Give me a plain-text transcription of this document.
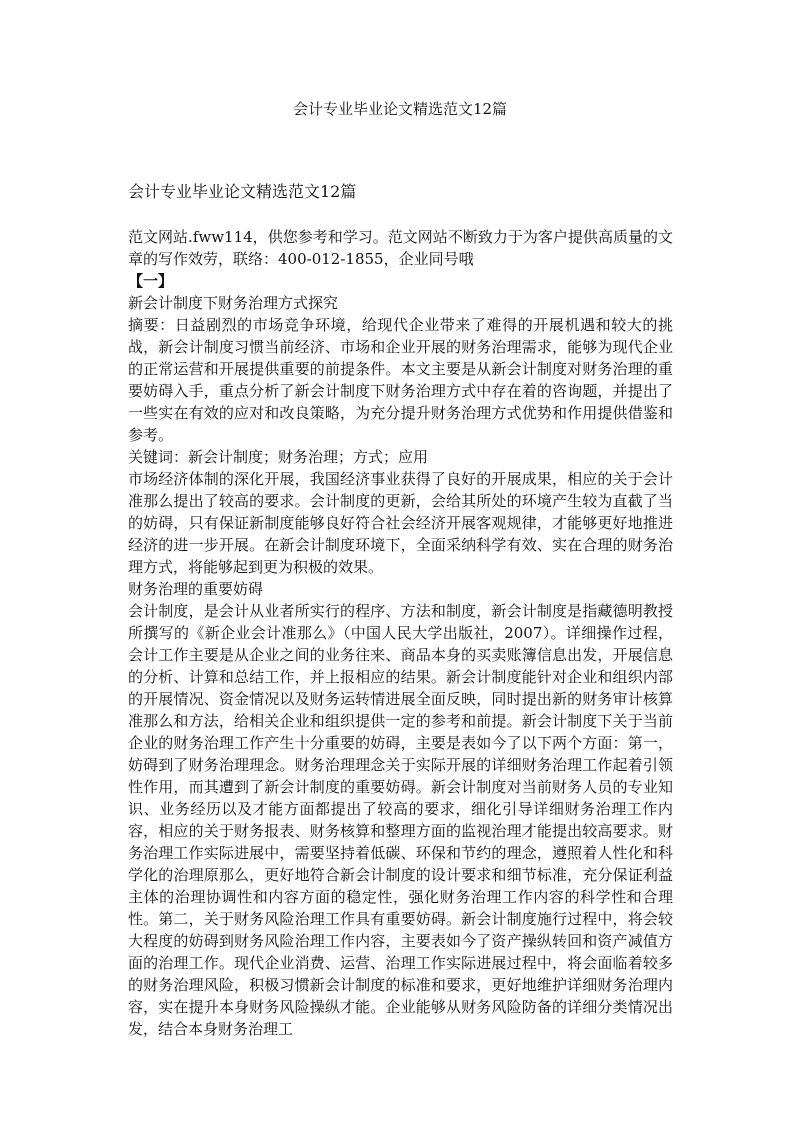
会计专业毕业论文精选范文12篇
会计专业毕业论文精选范文12篇

范文网站.fww114，供您参考和学习。范文网站不断致力于为客户提供高质量的文章的写作效劳，联络：400-012-1855，企业同号哦

【一】

新会计制度下财务治理方式探究

摘要：日益剧烈的市场竞争环境，给现代企业带来了难得的开展机遇和较大的挑战，新会计制度习惯当前经济、市场和企业开展的财务治理需求，能够为现代企业的正常运营和开展提供重要的前提条件。本文主要是从新会计制度对财务治理的重要妨碍入手，重点分析了新会计制度下财务治理方式中存在着的咨询题，并提出了一些实在有效的应对和改良策略，为充分提升财务治理方式优势和作用提供借鉴和参考。

关键词：新会计制度；财务治理；方式；应用

市场经济体制的深化开展，我国经济事业获得了良好的开展成果，相应的关于会计准那么提出了较高的要求。会计制度的更新，会给其所处的环境产生较为直截了当的妨碍，只有保证新制度能够良好符合社会经济开展客观规律，才能够更好地推进经济的进一步开展。在新会计制度环境下，全面采纳科学有效、实在合理的财务治理方式，将能够起到更为积极的效果。

财务治理的重要妨碍

会计制度，是会计从业者所实行的程序、方法和制度，新会计制度是指藏德明教授所撰写的《新企业会计准那么》（中国人民大学出版社，2007）。详细操作过程，会计工作主要是从企业之间的业务往来、商品本身的买卖账簿信息出发，开展信息的分析、计算和总结工作，并上报相应的结果。新会计制度能针对企业和组织内部的开展情况、资金情况以及财务运转情进展全面反映，同时提出新的财务审计核算准那么和方法，给相关企业和组织提供一定的参考和前提。新会计制度下关于当前企业的财务治理工作产生十分重要的妨碍，主要是表如今了以下两个方面：第一，妨碍到了财务治理理念。财务治理理念关于实际开展的详细财务治理工作起着引领性作用，而其遭到了新会计制度的重要妨碍。新会计制度对当前财务人员的专业知识、业务经历以及才能方面都提出了较高的要求，细化引导详细财务治理工作内容，相应的关于财务报表、财务核算和整理方面的监视治理才能提出较高要求。财务治理工作实际进展中，需要坚持着低碳、环保和节约的理念，遵照着人性化和科学化的治理原那么，更好地符合新会计制度的设计要求和细节标准，充分保证利益主体的治理协调性和内容方面的稳定性，强化财务治理工作内容的科学性和合理性。第二，关于财务风险治理工作具有重要妨碍。新会计制度施行过程中，将会较大程度的妨碍到财务风险治理工作内容，主要表如今了资产操纵转回和资产减值方面的治理工作。现代企业消费、运营、治理工作实际进展过程中，将会面临着较多的财务治理风险，积极习惯新会计制度的标准和要求，更好地维护详细财务治理内容，实在提升本身财务风险操纵才能。企业能够从财务风险防备的详细分类情况出发，结合本身财务治理工
